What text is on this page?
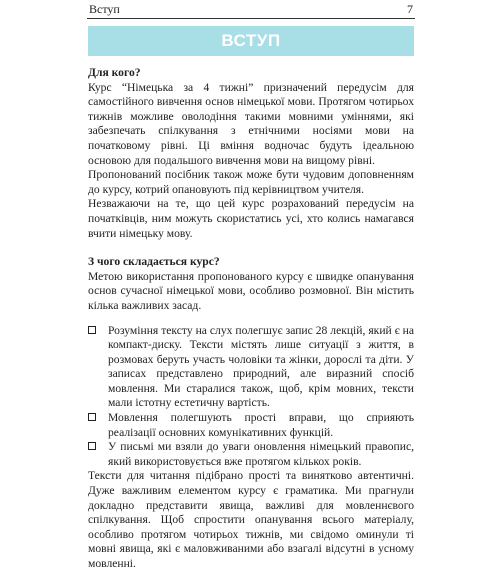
Вступ	7
ВСТУП

Для кого?

Курс “Німецька за 4 тижні” призначений передусім для самостійного вивчення основ німецької мови. Протягом чотирьох тижнів можливе оволодіння такими мовними уміннями, які забезпечать спілкування з етнічними носіями мови на початковому рівні. Ці вміння водночас будуть ідеальною основою для подальшого вивчення мови на вищому рівні.

Пропонований посібник також може бути чудовим доповненням до курсу, котрий опановують під керівництвом учителя.

Незважаючи на те, що цей курс розрахований передусім на початківців, ним можуть скористатись усі, хто колись намагався вчити німецьку мову.

З чого складається курс?

Метою використання пропонованого курсу є швидке опанування основ сучасної німецької мови, особливо розмовної. Він містить кілька важливих засад.

Розуміння тексту на слух полегшує запис 28 лекцій, який є на компакт-диску. Тексти містять лише ситуації з життя, в розмовах беруть участь чоловіки та жінки, дорослі та діти. У записах представлено природний, але виразний спосіб мовлення. Ми старалися також, щоб, крім мовних, тексти мали істотну естетичну вартість.
Мовлення полегшують прості вправи, що сприяють реалізації основних комунікативних функцій.
У письмі ми взяли до уваги оновлення німецький правопис, який використовується вже протягом кількох років.

Тексти для читання підібрано прості та винятково автентичні. Дуже важливим елементом курсу є граматика. Ми прагнули докладно представити явища, важливі для мовленнєвого спілкування. Щоб спростити опанування всього матеріалу, особливо протягом чотирьох тижнів, ми свідомо оминули ті мовні явища, які є маловживаними або взагалі відсутні в усному мовленні.
